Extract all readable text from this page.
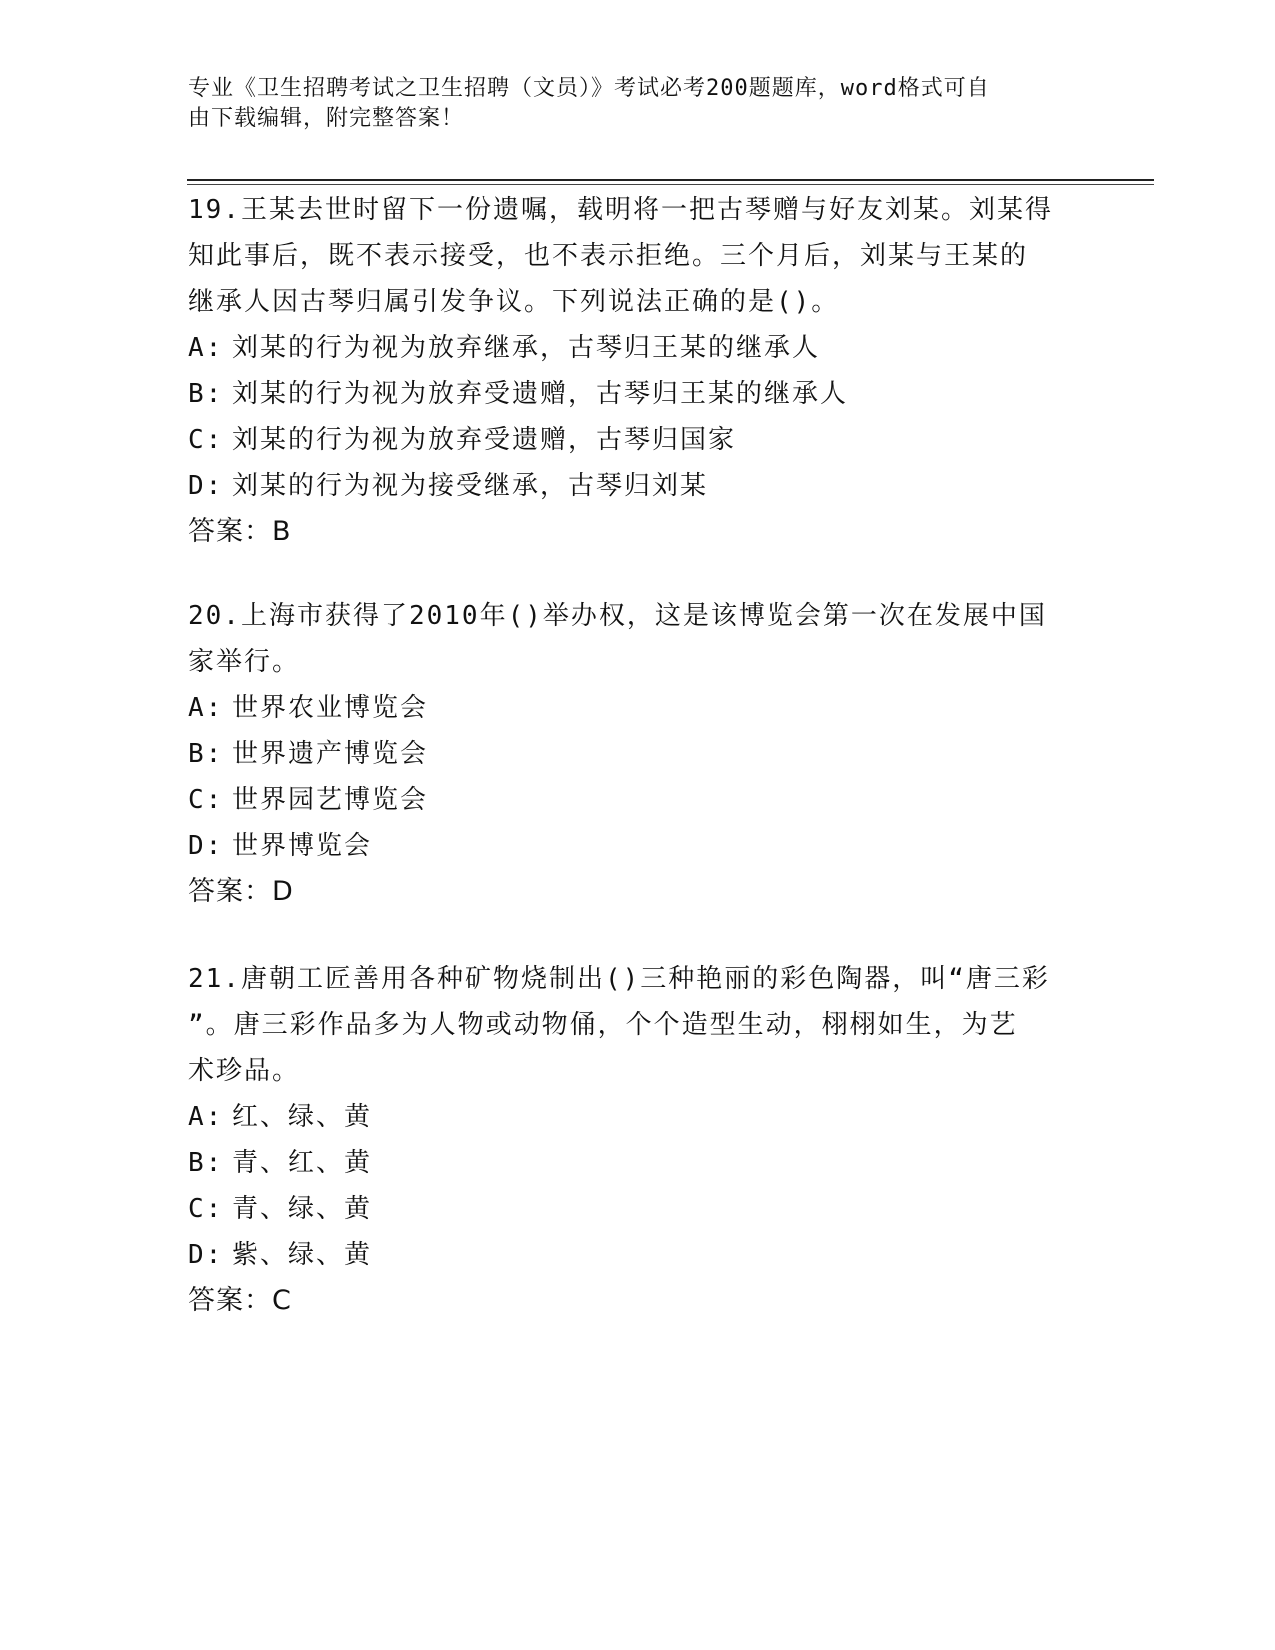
专业《卫生招聘考试之卫生招聘（文员）》考试必考200题题库，word格式可自
由下载编辑，附完整答案！

19.王某去世时留下一份遗嘱，载明将一把古琴赠与好友刘某。刘某得
知此事后，既不表示接受，也不表示拒绝。三个月后，刘某与王某的
继承人因古琴归属引发争议。下列说法正确的是()。

A: 刘某的行为视为放弃继承，古琴归王某的继承人

B: 刘某的行为视为放弃受遗赠，古琴归王某的继承人

C: 刘某的行为视为放弃受遗赠，古琴归国家

D: 刘某的行为视为接受继承，古琴归刘某

答案：B

20.上海市获得了2010年()举办权，这是该博览会第一次在发展中国
家举行。

A: 世界农业博览会

B: 世界遗产博览会

C: 世界园艺博览会

D: 世界博览会

答案：D

21.唐朝工匠善用各种矿物烧制出()三种艳丽的彩色陶器，叫“唐三彩
”。唐三彩作品多为人物或动物俑，个个造型生动，栩栩如生，为艺
术珍品。

A: 红、绿、黄

B: 青、红、黄

C: 青、绿、黄

D: 紫、绿、黄

答案：C
